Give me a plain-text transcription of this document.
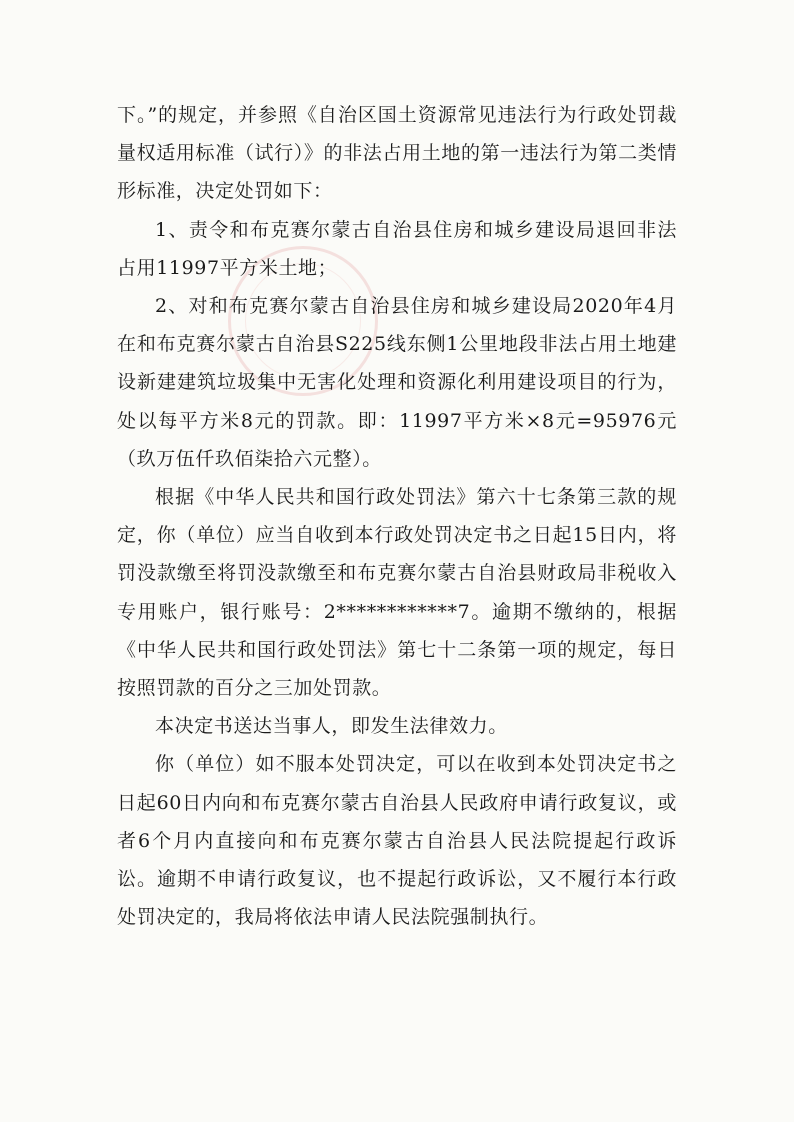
下。”的规定，并参照《自治区国土资源常见违法行为行政处罚裁量权适用标准（试行）》的非法占用土地的第一违法行为第二类情形标准，决定处罚如下：

1、责令和布克赛尔蒙古自治县住房和城乡建设局退回非法占用11997平方米土地；

2、对和布克赛尔蒙古自治县住房和城乡建设局2020年4月在和布克赛尔蒙古自治县S225线东侧1公里地段非法占用土地建设新建建筑垃圾集中无害化处理和资源化利用建设项目的行为，处以每平方米8元的罚款。即：11997平方米×8元=95976元（玖万伍仟玖佰柒拾六元整）。

根据《中华人民共和国行政处罚法》第六十七条第三款的规定，你（单位）应当自收到本行政处罚决定书之日起15日内，将罚没款缴至将罚没款缴至和布克赛尔蒙古自治县财政局非税收入专用账户，银行账号：2************7。逾期不缴纳的，根据《中华人民共和国行政处罚法》第七十二条第一项的规定，每日按照罚款的百分之三加处罚款。

本决定书送达当事人，即发生法律效力。

你（单位）如不服本处罚决定，可以在收到本处罚决定书之日起60日内向和布克赛尔蒙古自治县人民政府申请行政复议，或者6个月内直接向和布克赛尔蒙古自治县人民法院提起行政诉讼。逾期不申请行政复议，也不提起行政诉讼，又不履行本行政处罚决定的，我局将依法申请人民法院强制执行。
